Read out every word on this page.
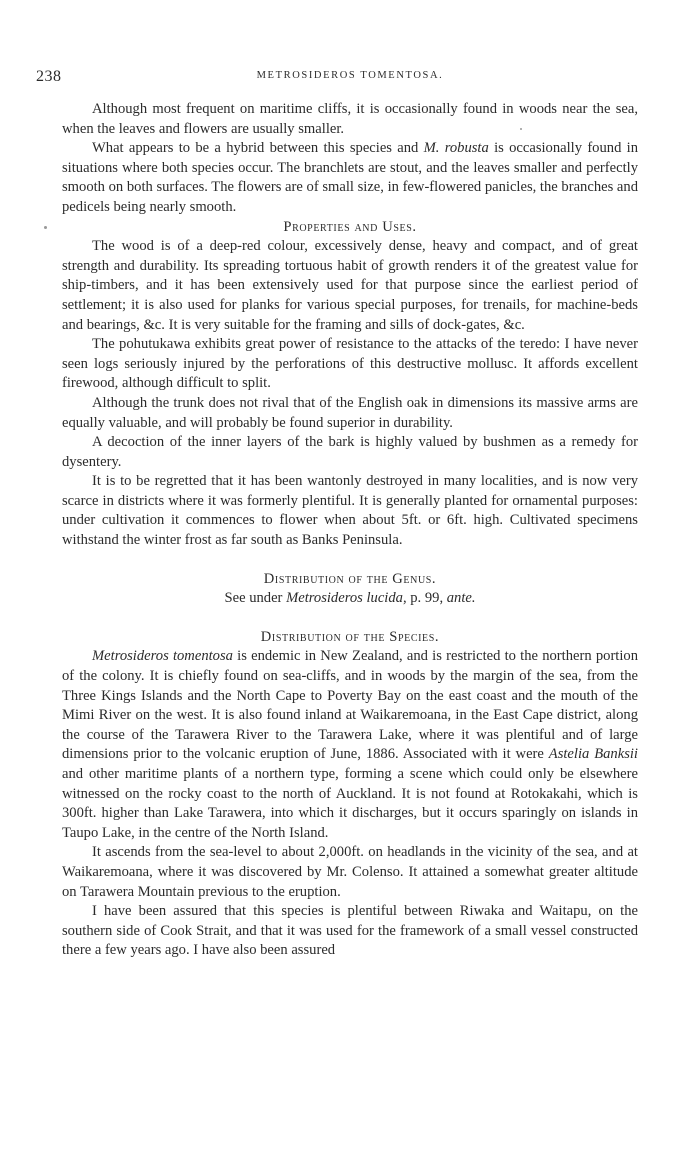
238	METROSIDEROS TOMENTOSA.

Although most frequent on maritime cliffs, it is occasionally found in woods near the sea, when the leaves and flowers are usually smaller.

What appears to be a hybrid between this species and M. robusta is occasionally found in situations where both species occur. The branchlets are stout, and the leaves smaller and perfectly smooth on both surfaces. The flowers are of small size, in few-flowered panicles, the branches and pedicels being nearly smooth.

Properties and Uses.

The wood is of a deep-red colour, excessively dense, heavy and compact, and of great strength and durability. Its spreading tortuous habit of growth renders it of the greatest value for ship-timbers, and it has been extensively used for that purpose since the earliest period of settlement; it is also used for planks for various special purposes, for trenails, for machine-beds and bearings, &c. It is very suitable for the framing and sills of dock-gates, &c.

The pohutukawa exhibits great power of resistance to the attacks of the teredo: I have never seen logs seriously injured by the perforations of this destructive mollusc. It affords excellent firewood, although difficult to split.

Although the trunk does not rival that of the English oak in dimensions its massive arms are equally valuable, and will probably be found superior in durability.

A decoction of the inner layers of the bark is highly valued by bushmen as a remedy for dysentery.

It is to be regretted that it has been wantonly destroyed in many localities, and is now very scarce in districts where it was formerly plentiful. It is generally planted for ornamental purposes: under cultivation it commences to flower when about 5ft. or 6ft. high. Cultivated specimens withstand the winter frost as far south as Banks Peninsula.

Distribution of the Genus.

See under Metrosideros lucida, p. 99, ante.

Distribution of the Species.

Metrosideros tomentosa is endemic in New Zealand, and is restricted to the northern portion of the colony. It is chiefly found on sea-cliffs, and in woods by the margin of the sea, from the Three Kings Islands and the North Cape to Poverty Bay on the east coast and the mouth of the Mimi River on the west. It is also found inland at Waikaremoana, in the East Cape district, along the course of the Tarawera River to the Tarawera Lake, where it was plentiful and of large dimensions prior to the volcanic eruption of June, 1886. Associated with it were Astelia Banksii and other maritime plants of a northern type, forming a scene which could only be elsewhere witnessed on the rocky coast to the north of Auckland. It is not found at Rotokakahi, which is 300ft. higher than Lake Tarawera, into which it discharges, but it occurs sparingly on islands in Taupo Lake, in the centre of the North Island.

It ascends from the sea-level to about 2,000ft. on headlands in the vicinity of the sea, and at Waikaremoana, where it was discovered by Mr. Colenso. It attained a somewhat greater altitude on Tarawera Mountain previous to the eruption.

I have been assured that this species is plentiful between Riwaka and Waitapu, on the southern side of Cook Strait, and that it was used for the framework of a small vessel constructed there a few years ago. I have also been assured
